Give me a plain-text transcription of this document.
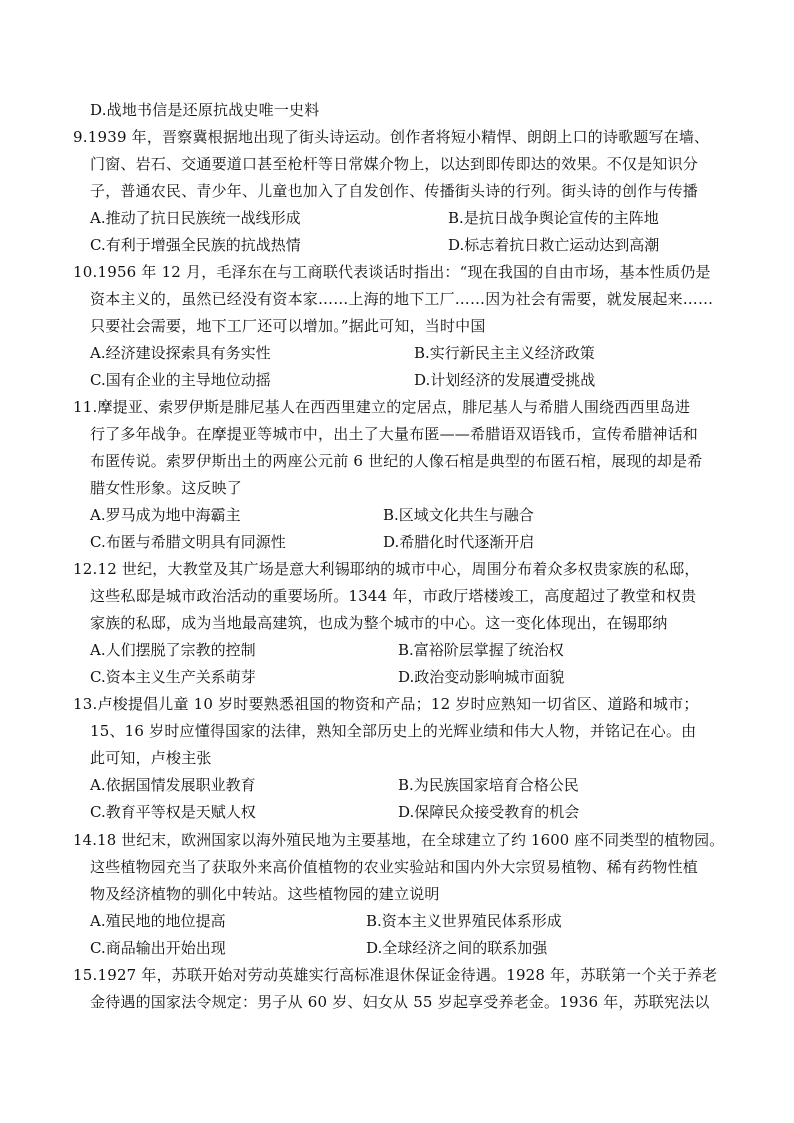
D.战地书信是还原抗战史唯一史料
9.1939 年，晋察冀根据地出现了街头诗运动。创作者将短小精悍、朗朗上口的诗歌题写在墙、
门窗、岩石、交通要道口甚至枪杆等日常媒介物上，以达到即传即达的效果。不仅是知识分
子，普通农民、青少年、儿童也加入了自发创作、传播街头诗的行列。街头诗的创作与传播
A.推动了抗日民族统一战线形成	B.是抗日战争舆论宣传的主阵地
C.有利于增强全民族的抗战热情	D.标志着抗日救亡运动达到高潮
10.1956 年 12 月，毛泽东在与工商联代表谈话时指出：“现在我国的自由市场，基本性质仍是
资本主义的，虽然已经没有资本家……上海的地下工厂……因为社会有需要，就发展起来……
只要社会需要，地下工厂还可以增加。”据此可知，当时中国
A.经济建设探索具有务实性	B.实行新民主主义经济政策
C.国有企业的主导地位动摇	D.计划经济的发展遭受挑战
11.摩提亚、索罗伊斯是腓尼基人在西西里建立的定居点，腓尼基人与希腊人围绕西西里岛进
行了多年战争。在摩提亚等城市中，出土了大量布匿——希腊语双语钱币，宣传希腊神话和
布匿传说。索罗伊斯出土的两座公元前 6 世纪的人像石棺是典型的布匿石棺，展现的却是希
腊女性形象。这反映了
A.罗马成为地中海霸主	B.区域文化共生与融合
C.布匿与希腊文明具有同源性	D.希腊化时代逐渐开启
12.12 世纪，大教堂及其广场是意大利锡耶纳的城市中心，周围分布着众多权贵家族的私邸，
这些私邸是城市政治活动的重要场所。1344 年，市政厅塔楼竣工，高度超过了教堂和权贵
家族的私邸，成为当地最高建筑，也成为整个城市的中心。这一变化体现出，在锡耶纳
A.人们摆脱了宗教的控制	B.富裕阶层掌握了统治权
C.资本主义生产关系萌芽	D.政治变动影响城市面貌
13.卢梭提倡儿童 10 岁时要熟悉祖国的物资和产品；12 岁时应熟知一切省区、道路和城市；
15、16 岁时应懂得国家的法律，熟知全部历史上的光辉业绩和伟大人物，并铭记在心。由
此可知，卢梭主张
A.依据国情发展职业教育	B.为民族国家培育合格公民
C.教育平等权是天赋人权	D.保障民众接受教育的机会
14.18 世纪末，欧洲国家以海外殖民地为主要基地，在全球建立了约 1600 座不同类型的植物园。
这些植物园充当了获取外来高价值植物的农业实验站和国内外大宗贸易植物、稀有药物性植
物及经济植物的驯化中转站。这些植物园的建立说明
A.殖民地的地位提高	B.资本主义世界殖民体系形成
C.商品输出开始出现	D.全球经济之间的联系加强
15.1927 年，苏联开始对劳动英雄实行高标准退休保证金待遇。1928 年，苏联第一个关于养老
金待遇的国家法令规定：男子从 60 岁、妇女从 55 岁起享受养老金。1936 年，苏联宪法以
